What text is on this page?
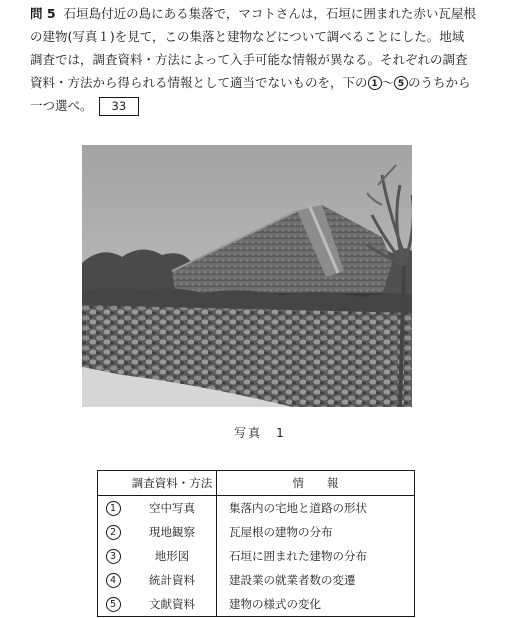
問 5 石垣島付近の島にある集落で，マコトさんは，石垣に囲まれた赤い
瓦屋根
の建物(写真１)を見て，この集落と建物などについて調べることにした。地域
調査では，調査資料・方法によって入手可能な情報が異なる。それぞれの調査
資料・方法から得られる情報として適当でないものを，下の 1 ～ 5 のうちから
一つ選べ。 33
写真　1
	調査資料・方法	情　　報
1	空中写真	集落内の宅地と道路の形状
2	現地観察	瓦屋根の建物の分布
3	地形図	石垣に囲まれた建物の分布
4	統計資料	建設業の就業者数の変遷
5	文献資料	建物の様式の変化
